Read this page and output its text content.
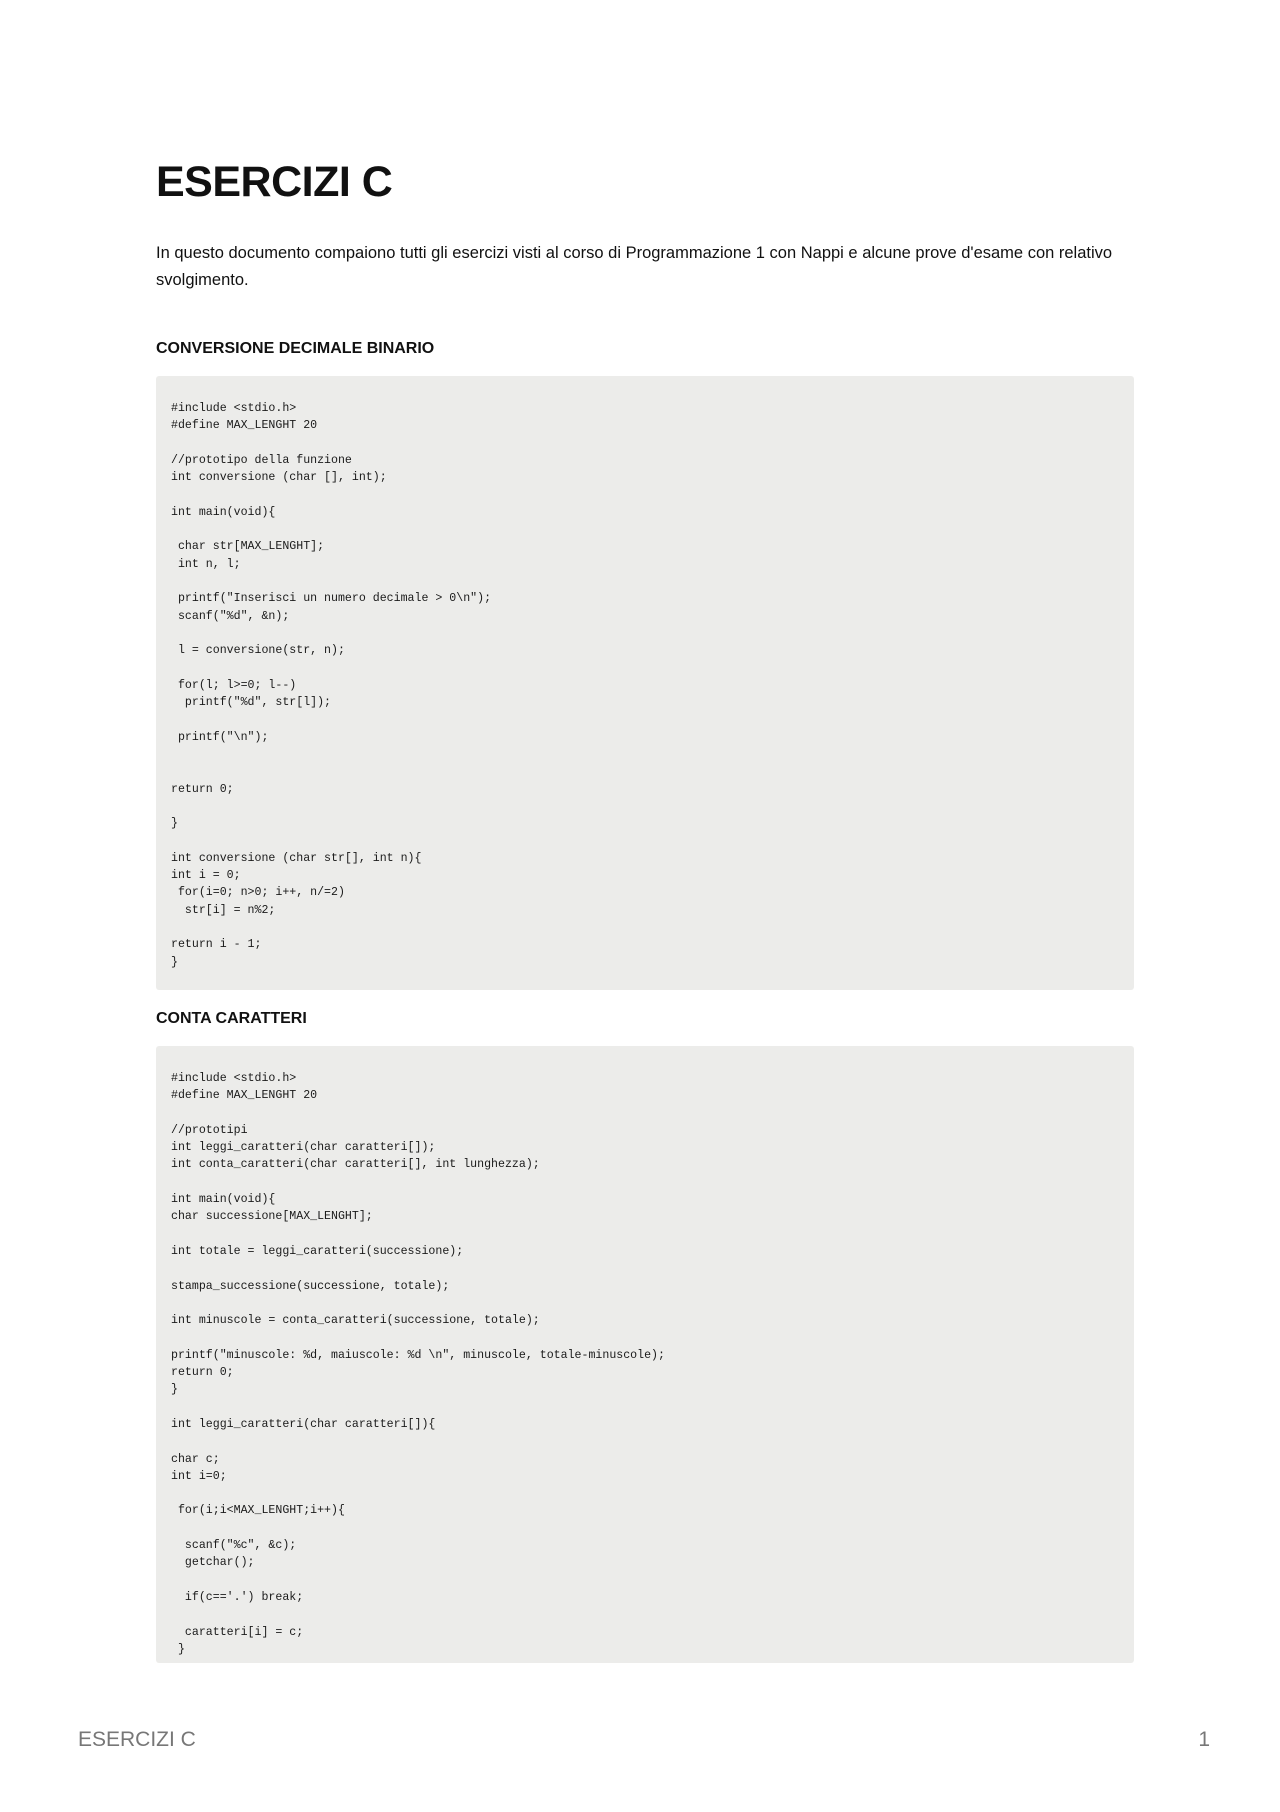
ESERCIZI C

In questo documento compaiono tutti gli esercizi visti al corso di Programmazione 1 con Nappi e alcune prove d'esame con relativo svolgimento.

CONVERSIONE DECIMALE BINARIO
#include <stdio.h>
#define MAX_LENGHT 20

//prototipo della funzione
int conversione (char [], int);

int main(void){

char str[MAX_LENGHT];
int n, l;

printf("Inserisci un numero decimale > 0\n");
scanf("%d", &n);

l = conversione(str, n);

for(l; l>=0; l--)
printf("%d", str[l]);

printf("\n");

return 0;

}

int conversione (char str[], int n){
int i = 0;
for(i=0; n>0; i++, n/=2)
str[i] = n%2;

return i - 1;
}
CONTA CARATTERI
#include <stdio.h>
#define MAX_LENGHT 20

//prototipi
int leggi_caratteri(char caratteri[]);
int conta_caratteri(char caratteri[], int lunghezza);

int main(void){
char successione[MAX_LENGHT];

int totale = leggi_caratteri(successione);

stampa_successione(successione, totale);

int minuscole = conta_caratteri(successione, totale);

printf("minuscole: %d, maiuscole: %d \n", minuscole, totale-minuscole);
return 0;
}

int leggi_caratteri(char caratteri[]){

char c;
int i=0;

for(i;i<MAX_LENGHT;i++){

scanf("%c", &c);
getchar();

if(c=='.') break;

caratteri[i] = c;
}
ESERCIZI C	1
